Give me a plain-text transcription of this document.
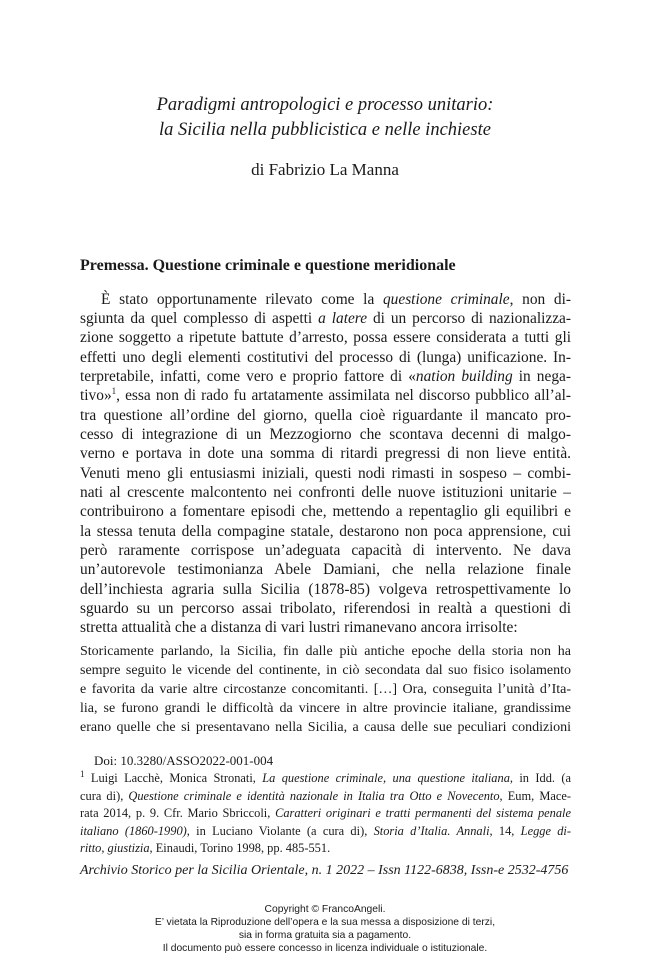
Paradigmi antropologici e processo unitario:
la Sicilia nella pubblicistica e nelle inchieste
di Fabrizio La Manna
Premessa. Questione criminale e questione meridionale
È stato opportunamente rilevato come la questione criminale, non di-
sgiunta da quel complesso di aspetti a latere di un percorso di nazionalizza-
zione soggetto a ripetute battute d’arresto, possa essere considerata a tutti gli
effetti uno degli elementi costitutivi del processo di (lunga) unificazione. In-
terpretabile, infatti, come vero e proprio fattore di «nation building in nega-
tivo»$^1$, essa non di rado fu artatamente assimilata nel discorso pubblico all’al-
tra questione all’ordine del giorno, quella cioè riguardante il mancato pro-
cesso di integrazione di un Mezzogiorno che scontava decenni di malgo-
verno e portava in dote una somma di ritardi pregressi di non lieve entità.
Venuti meno gli entusiasmi iniziali, questi nodi rimasti in sospeso – combi-
nati al crescente malcontento nei confronti delle nuove istituzioni unitarie –
contribuirono a fomentare episodi che, mettendo a repentaglio gli equilibri e
la stessa tenuta della compagine statale, destarono non poca apprensione, cui
però raramente corrispose un’adeguata capacità di intervento. Ne dava
un’autorevole testimonianza Abele Damiani, che nella relazione finale
dell’inchiesta agraria sulla Sicilia (1878-85) volgeva retrospettivamente lo
sguardo su un percorso assai tribolato, riferendosi in realtà a questioni di
stretta attualità che a distanza di vari lustri rimanevano ancora irrisolte:
Storicamente parlando, la Sicilia, fin dalle più antiche epoche della storia non ha
sempre seguito le vicende del continente, in ciò secondata dal suo fisico isolamento
e favorita da varie altre circostanze concomitanti. […] Ora, conseguita l’unità d’Ita-
lia, se furono grandi le difficoltà da vincere in altre provincie italiane, grandissime
erano quelle che si presentavano nella Sicilia, a causa delle sue peculiari condizioni
Doi: 10.3280/ASSO2022-001-004
$^1$ Luigi Lacchè, Monica Stronati, La questione criminale, una questione italiana, in Idd. (a
cura di), Questione criminale e identità nazionale in Italia tra Otto e Novecento, Eum, Mace-
rata 2014, p. 9. Cfr. Mario Sbriccoli, Caratteri originari e tratti permanenti del sistema penale
italiano (1860-1990), in Luciano Violante (a cura di), Storia d’Italia. Annali, 14, Legge di-
ritto, giustizia, Einaudi, Torino 1998, pp. 485-551.
Archivio Storico per la Sicilia Orientale, n. 1 2022 – Issn 1122-6838, Issn-e 2532-4756
Copyright © FrancoAngeli.
E’ vietata la Riproduzione dell’opera e la sua messa a disposizione di terzi,
sia in forma gratuita sia a pagamento.
Il documento può essere concesso in licenza individuale o istituzionale.
